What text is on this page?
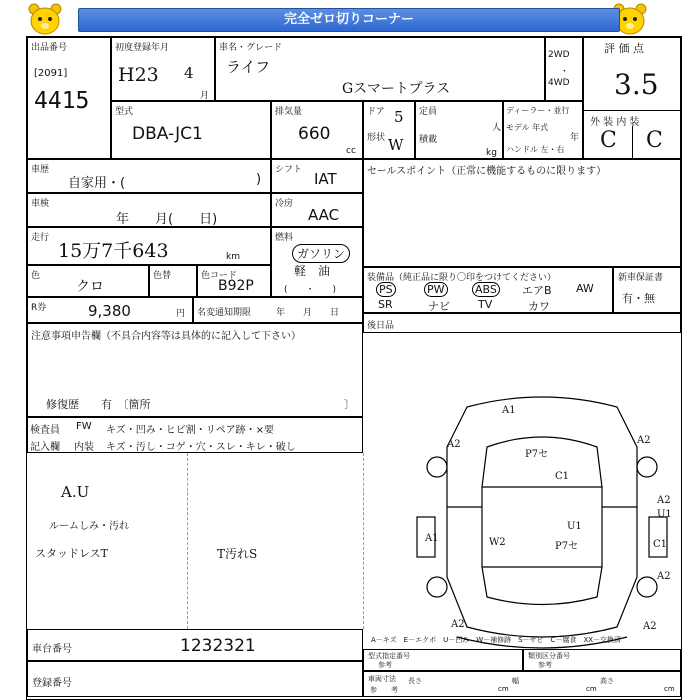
完全ゼロ切りコーナー
出品番号
[2091]
4415
初度登録年月
H23 4
月
車名・グレード
ライフ
Gスマートプラス
2WD
・
4WD
評 価 点
3.5
外 装 内 装
C C
型式
DBA-JC1
排気量
660
cc
ドア 5
形状 W
定員
人
積載
kg
ディーラー・並行
モデル 年式
年
ハンドル 左・右
車歴
自家用・(	)
シフト IAT
車検
年　　月(　　日)
冷房
AAC
走行
15万7千643	km
燃料
ガソリン
軽　油
(　　・　　)
色
クロ
色替	色コード
B92P
R券	9,380	円 名変通知期限	年　　月　　日
セールスポイント（正常に機能するものに限ります）
装備品（純正品に限り〇印をつけてください）
PS	PW	ABS エアB AW
SR	ナビ	TV	カワ
新車保証書
有・無
後日品
注意事項申告欄（不具合内容等は具体的に記入して下さい）
修復歴　　有　〔箇所	〕
検査員
記入欄
FW キズ・凹み・ヒビ割・リペア跡・×要
内装 キズ・汚し・コゲ・穴・スレ・キレ・破し
A.U
ルームしみ・汚れ
スタッドレスT	T汚れS
A1
A2	A2
P7セ
C1
A2
U1
A1	W2
U1
P7セ	C1
A2
A2	A2
車台番号	1232321
登録番号
A－キズ　E－エクボ　U－凹み　W－補修跡　S－サビ　C－腐食　XX－交換済
型式指定番号
参考
類別区分番号
参考
車両寸法
参　　考
長さ
cm
幅
cm
高さ
cm
